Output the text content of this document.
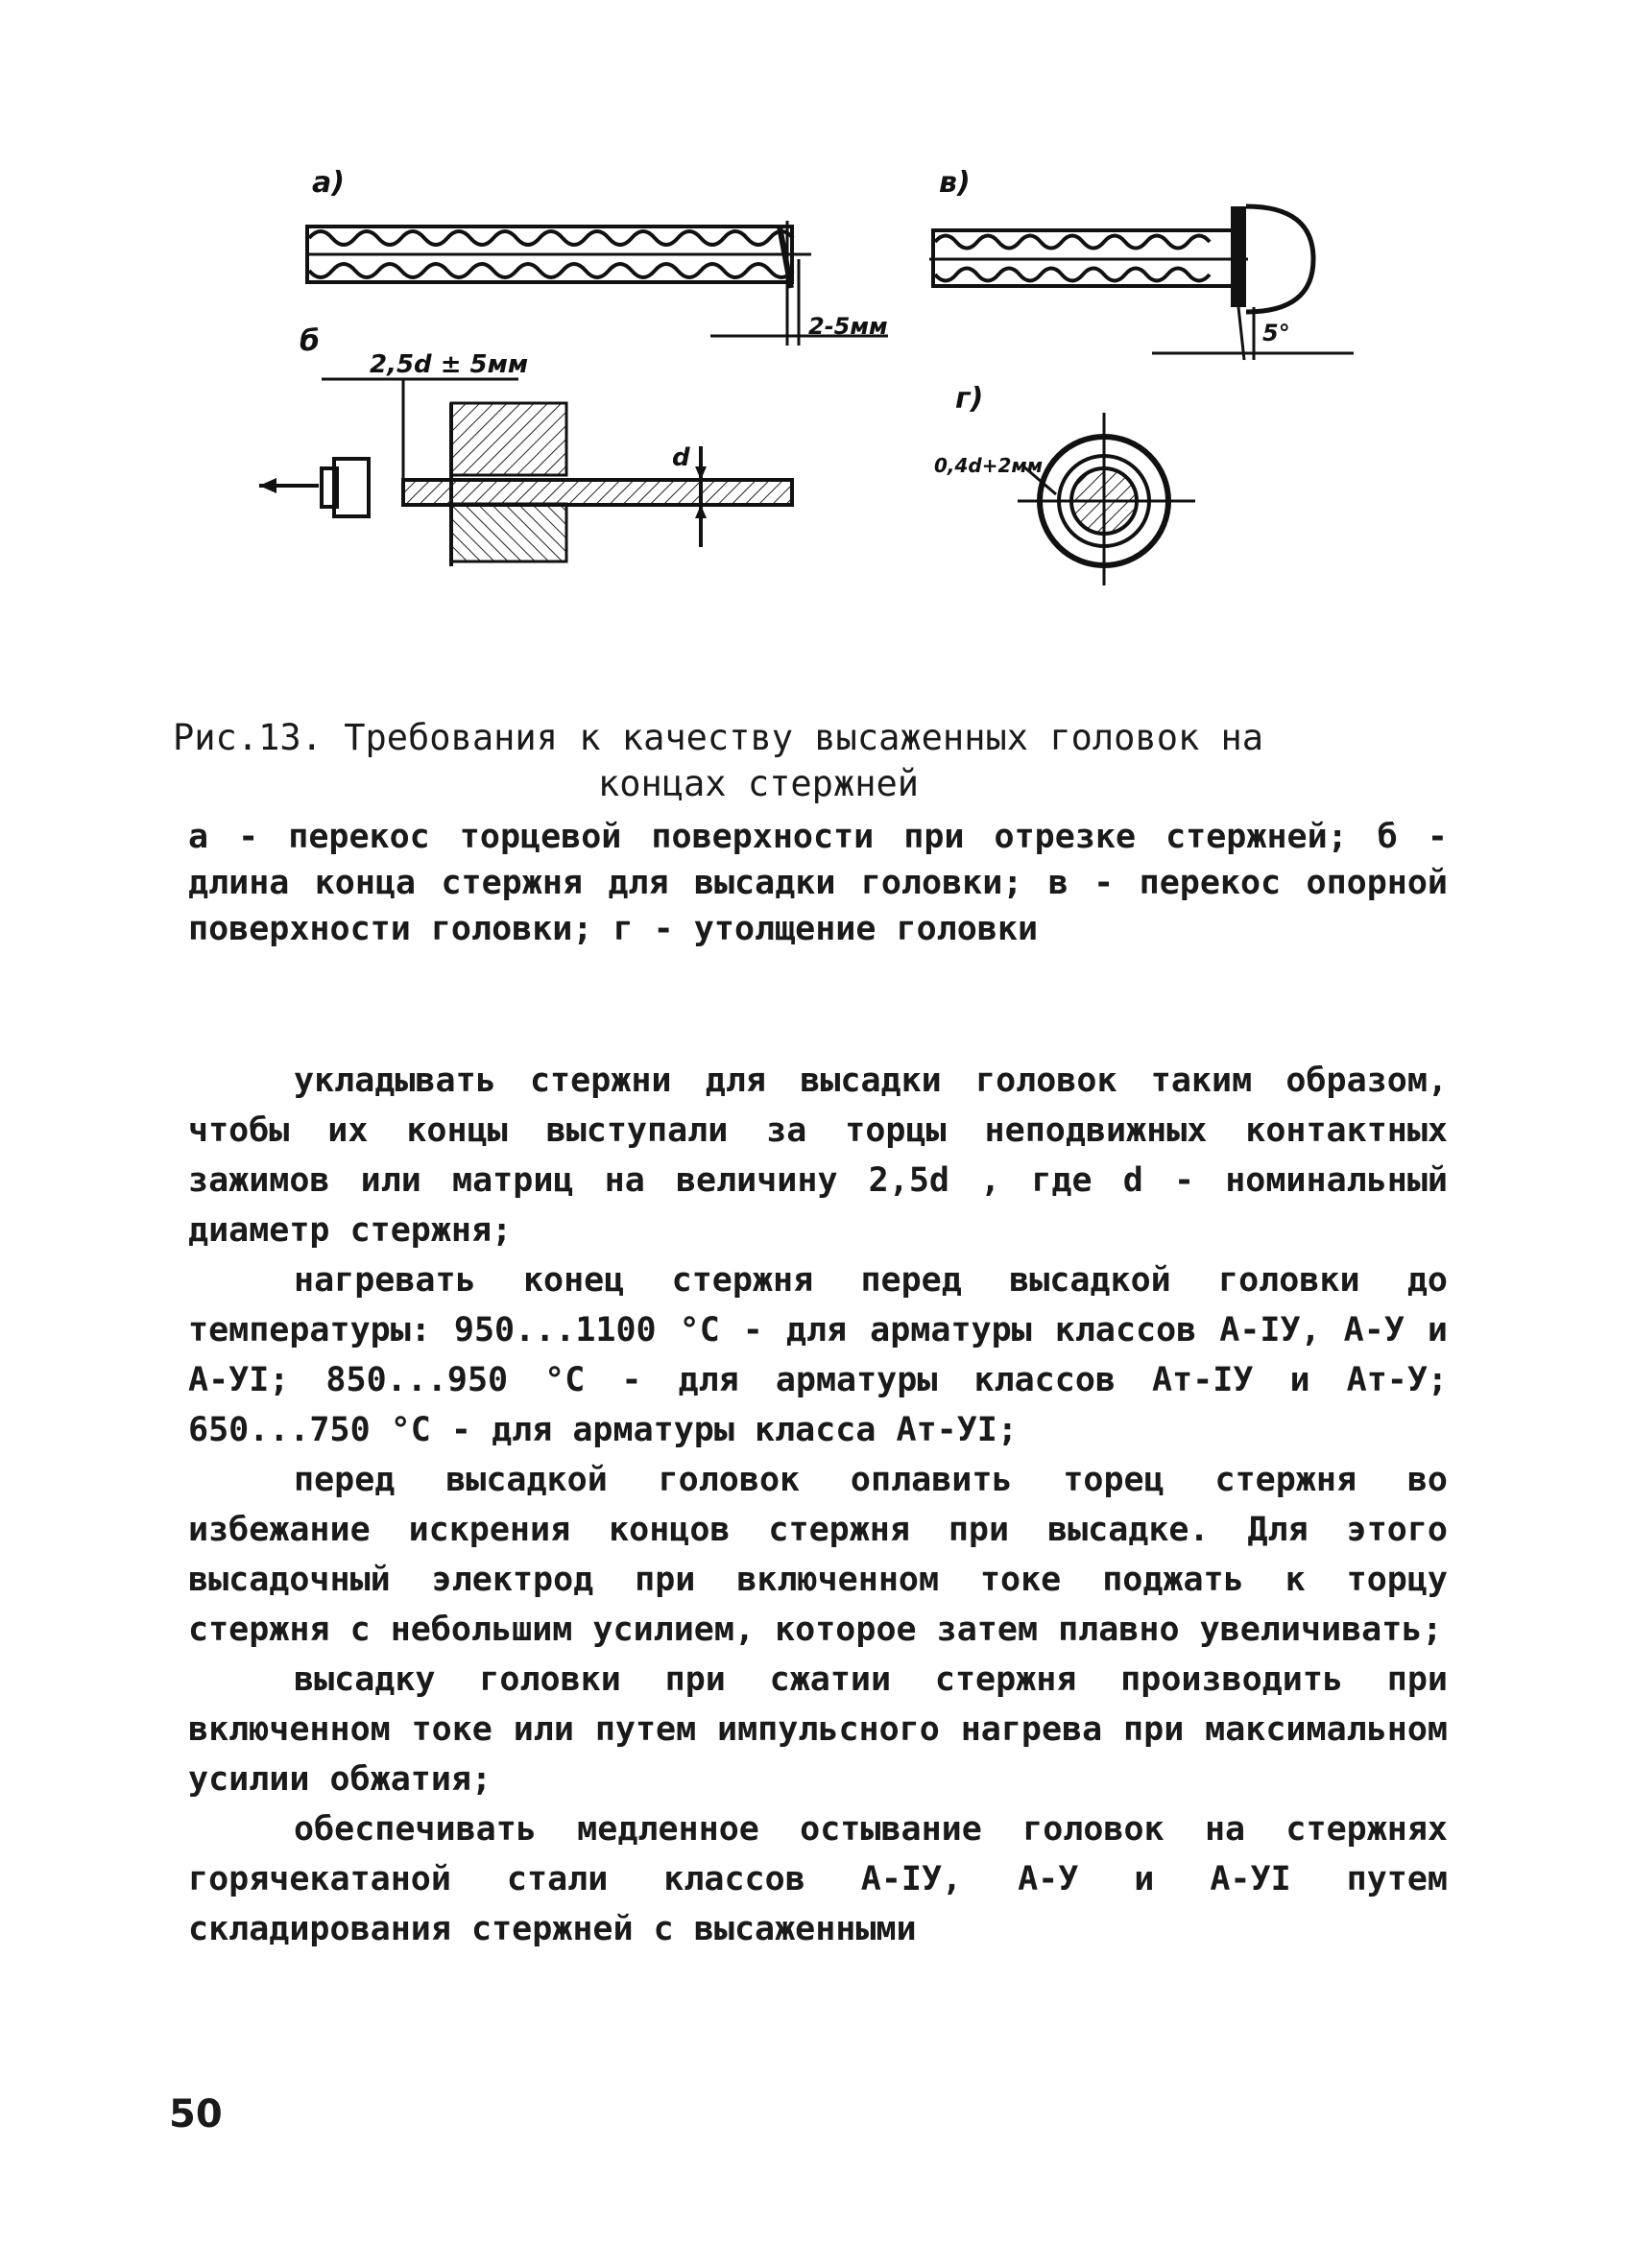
а)
2-5мм
б
2,5d ± 5мм
d
в)
5°
г)
0,4d+2мм
Рис.13. Требования к качеству высаженных головок на
концах стержней

а - перекос торцевой поверхности при отрезке стержней; б - длина конца стержня для высадки головки; в - перекос опорной поверхности головки; г - утолщение головки

укладывать стержни для высадки головок таким образом, чтобы их концы выступали за торцы неподвижных контактных зажимов или матриц на величину 2,5d , где d - номинальный диаметр стержня;

нагревать конец стержня перед высадкой головки до температуры: 950...1100 °С - для арматуры классов А-IУ, А-У и А-УI; 850...950 °С - для арматуры классов Ат-IУ и Ат-У; 650...750 °С - для арматуры класса Ат-УI;

перед высадкой головок оплавить торец стержня во избежание искрения концов стержня при высадке. Для этого высадочный электрод при включенном токе поджать к торцу стержня с небольшим усилием, которое затем плавно увеличивать;

высадку головки при сжатии стержня производить при включенном токе или путем импульсного нагрева при максимальном усилии обжатия;

обеспечивать медленное остывание головок на стержнях горячекатаной стали классов А-IУ, А-У и А-УI путем складирования стержней с высаженными

50
